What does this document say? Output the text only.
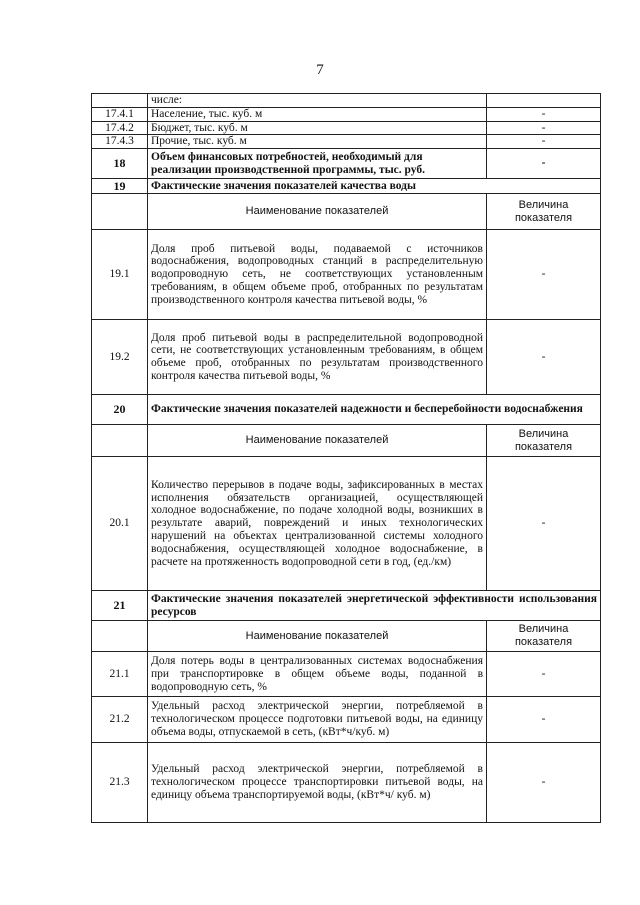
7
	числе:	
17.4.1	Население, тыс. куб. м	-
17.4.2	Бюджет, тыс. куб. м	-
17.4.3	Прочие, тыс. куб. м	-
18	Объем финансовых потребностей, необходимый для реализации производственной программы, тыс. руб.	-
19	Фактические значения показателей качества воды	
	Наименование показателей	Величина показателя
19.1	Доля проб питьевой воды, подаваемой с источников водоснабжения, водопроводных станций в распределительную водопроводную сеть, не соответствующих установленным требованиям, в общем объеме проб, отобранных по результатам производственного контроля качества питьевой воды, %	-
19.2	Доля проб питьевой воды в распределительной водопроводной сети, не соответствующих установленным требованиям, в общем объеме проб, отобранных по результатам производственного контроля качества питьевой воды, %	-
20	Фактические значения показателей надежности и бесперебойности водоснабжения	
	Наименование показателей	Величина показателя
20.1	Количество перерывов в подаче воды, зафиксированных в местах исполнения обязательств организацией, осуществляющей холодное водоснабжение, по подаче холодной воды, возникших в результате аварий, повреждений и иных технологических нарушений на объектах централизованной системы холодного водоснабжения, осуществляющей холодное водоснабжение, в расчете на протяженность водопроводной сети в год, (ед./км)	-
21	Фактические значения показателей энергетической эффективности использования ресурсов	
	Наименование показателей	Величина показателя
21.1	Доля потерь воды в централизованных системах водоснабжения при транспортировке в общем объеме воды, поданной в водопроводную сеть, %	-
21.2	Удельный расход электрической энергии, потребляемой в технологическом процессе подготовки питьевой воды, на единицу объема воды, отпускаемой в сеть, (кВт*ч/куб. м)	-
21.3	Удельный расход электрической энергии, потребляемой в технологическом процессе транспортировки питьевой воды, на единицу объема транспортируемой воды, (кВт*ч/ куб. м)	-
